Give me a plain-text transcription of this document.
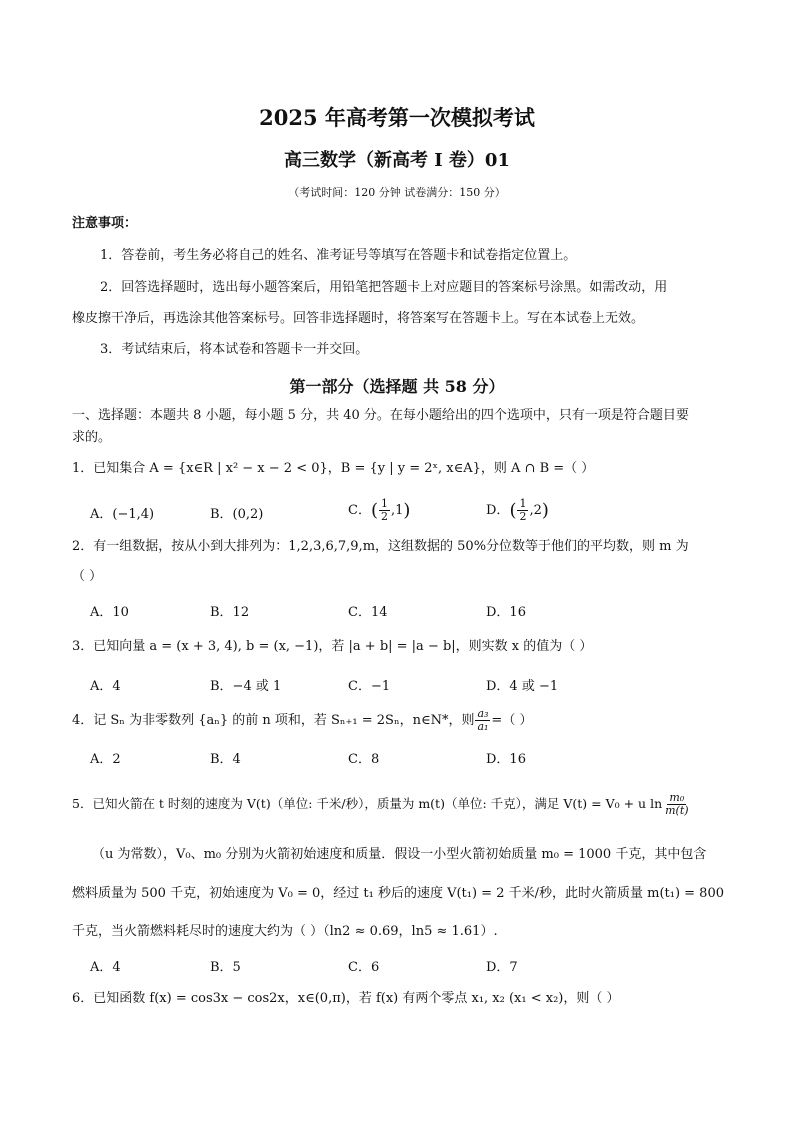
2025 年高考第一次模拟考试
高三数学（新高考 Ⅰ 卷）01
（考试时间：120 分钟 试卷满分：150 分）
注意事项：
1．答卷前，考生务必将自己的姓名、准考证号等填写在答题卡和试卷指定位置上。
2．回答选择题时，选出每小题答案后，用铅笔把答题卡上对应题目的答案标号涂黑。如需改动，用
橡皮擦干净后，再选涂其他答案标号。回答非选择题时，将答案写在答题卡上。写在本试卷上无效。
3．考试结束后，将本试卷和答题卡一并交回。
第一部分（选择题 共 58 分）
一、选择题：本题共 8 小题，每小题 5 分，共 40 分。在每小题给出的四个选项中，只有一项是符合题目要
求的。
1．已知集合 A = {x∈R | x² − x − 2 < 0}，B = {y | y = 2ˣ, x∈A}，则 A ∩ B =（ ）
A．(−1,4)	B．(0,2)	C．( $\frac{1}{2} ,1$)	D．( $\frac{1}{2} ,2$)
2．有一组数据，按从小到大排列为：1,2,3,6,7,9,m，这组数据的 50%分位数等于他们的平均数，则 m 为
（ ）
A．10	B．12	C．14	D．16
3．已知向量 a = (x + 3, 4), b = (x, −1)，若 |a + b| = |a − b|，则实数 x 的值为（ ）
A．4	B．−4 或 1	C．−1	D．4 或 −1
4．记 Sₙ 为非零数列 {aₙ} 的前 n 项和，若 Sₙ₊₁ = 2Sₙ，n∈N*，则 $\frac{\text{a₃}}{\text{a₁}}$ =（ ）
A．2	B．4	C．8	D．16
5．已知火箭在 t 时刻的速度为 V(t)（单位: 千米/秒），质量为 m(t)（单位: 千克），满足 V(t) = V₀ + u $\ln \frac{\text{m₀}}{m(t)}$
（u 为常数），V₀、m₀ 分别为火箭初始速度和质量．假设一小型火箭初始质量 m₀ = 1000 千克，其中包含
燃料质量为 500 千克，初始速度为 V₀ = 0，经过 t₁ 秒后的速度 V(t₁) = 2 千米/秒，此时火箭质量 m(t₁) = 800
千克，当火箭燃料耗尽时的速度大约为（ ）（ln2 ≈ 0.69，ln5 ≈ 1.61）.
A．4	B．5	C．6	D．7
6．已知函数 f(x) = cos3x − cos2x，x∈(0,π)，若 f(x) 有两个零点 x₁, x₂ (x₁ < x₂)，则（ ）
